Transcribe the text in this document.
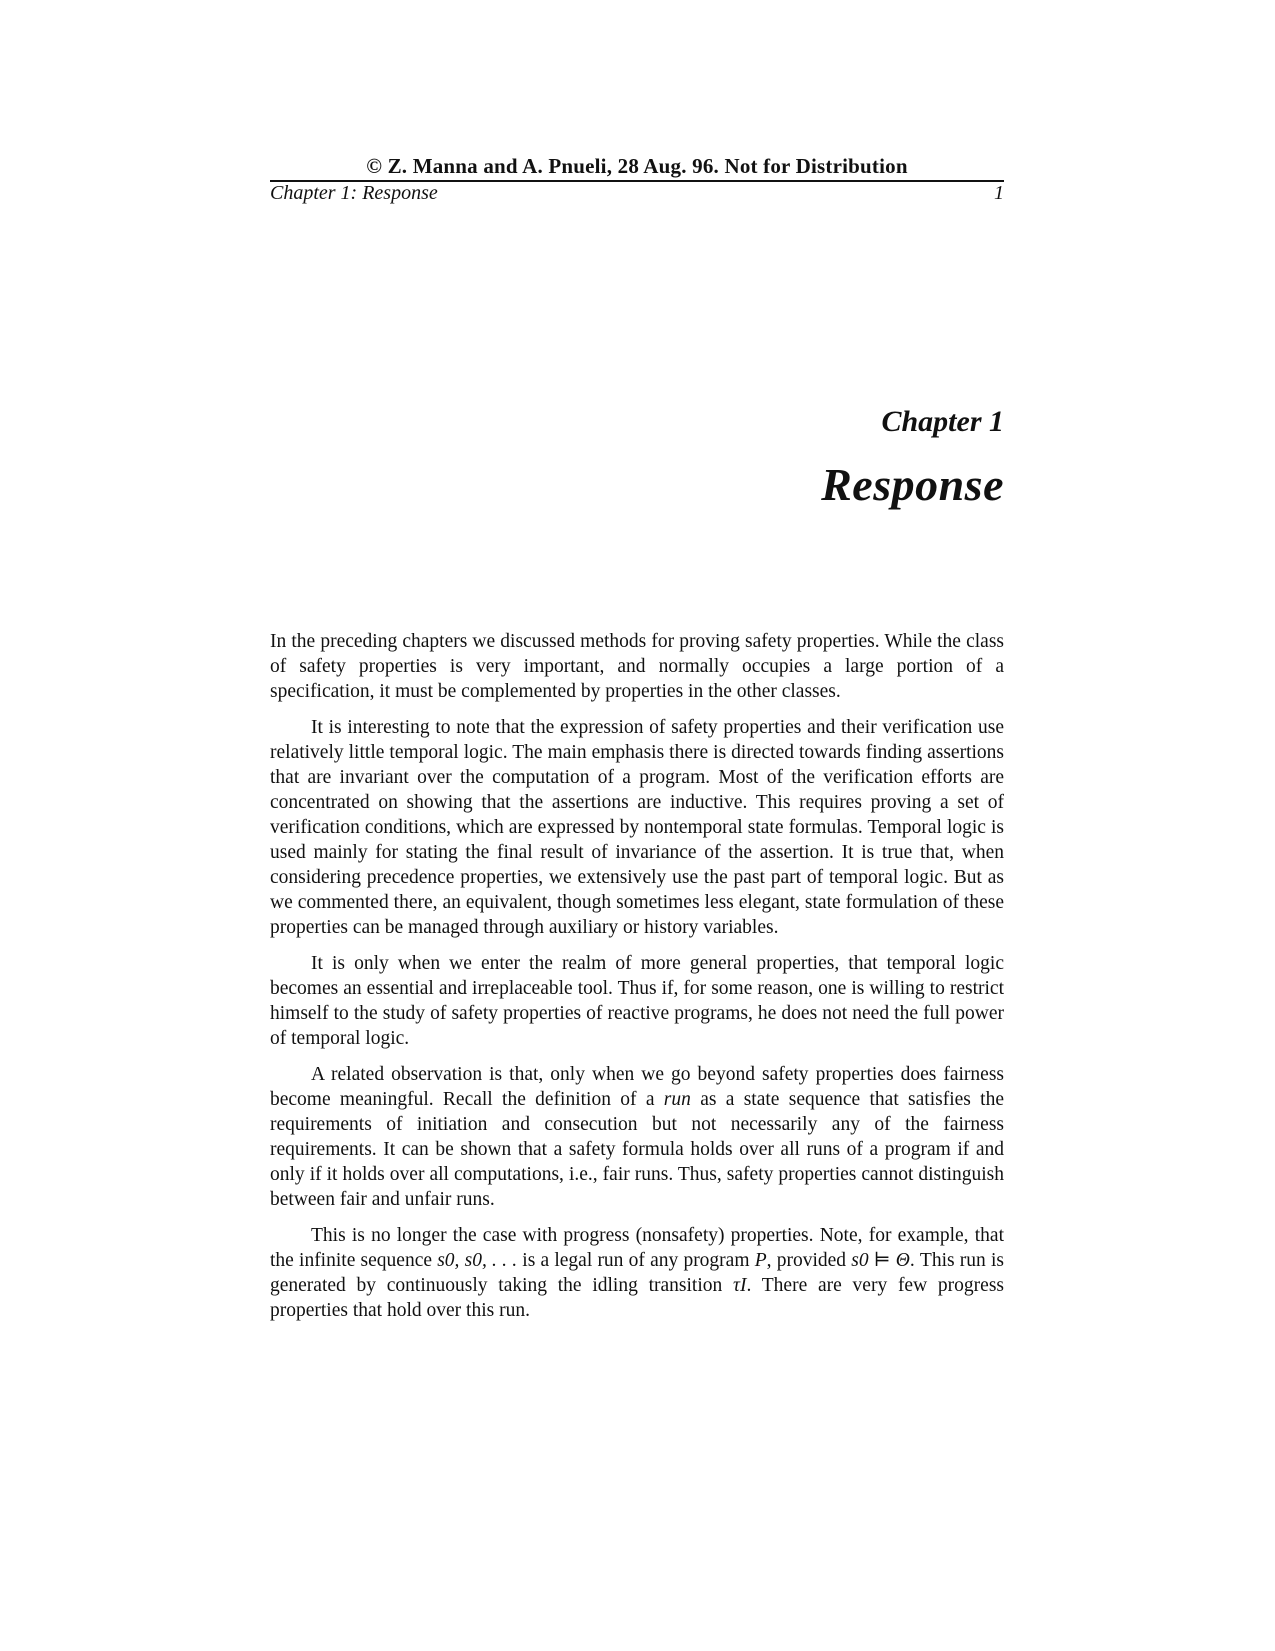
© Z. Manna and A. Pnueli, 28 Aug. 96. Not for Distribution
Chapter 1: Response	1
Chapter 1
Response

In the preceding chapters we discussed methods for proving safety properties. While the class of safety properties is very important, and normally occupies a large portion of a specification, it must be complemented by properties in the other classes.

It is interesting to note that the expression of safety properties and their verification use relatively little temporal logic. The main emphasis there is directed towards finding assertions that are invariant over the computation of a program. Most of the verification efforts are concentrated on showing that the assertions are inductive. This requires proving a set of verification conditions, which are expressed by nontemporal state formulas. Temporal logic is used mainly for stating the final result of invariance of the assertion. It is true that, when considering precedence properties, we extensively use the past part of temporal logic. But as we commented there, an equivalent, though sometimes less elegant, state formulation of these properties can be managed through auxiliary or history variables.

It is only when we enter the realm of more general properties, that temporal logic becomes an essential and irreplaceable tool. Thus if, for some reason, one is willing to restrict himself to the study of safety properties of reactive programs, he does not need the full power of temporal logic.

A related observation is that, only when we go beyond safety properties does fairness become meaningful. Recall the definition of a run as a state sequence that satisfies the requirements of initiation and consecution but not necessarily any of the fairness requirements. It can be shown that a safety formula holds over all runs of a program if and only if it holds over all computations, i.e., fair runs. Thus, safety properties cannot distinguish between fair and unfair runs.

This is no longer the case with progress (nonsafety) properties. Note, for example, that the infinite sequence s0, s0, . . . is a legal run of any program P, provided s0 ⊨ Θ. This run is generated by continuously taking the idling transition τI. There are very few progress properties that hold over this run.
